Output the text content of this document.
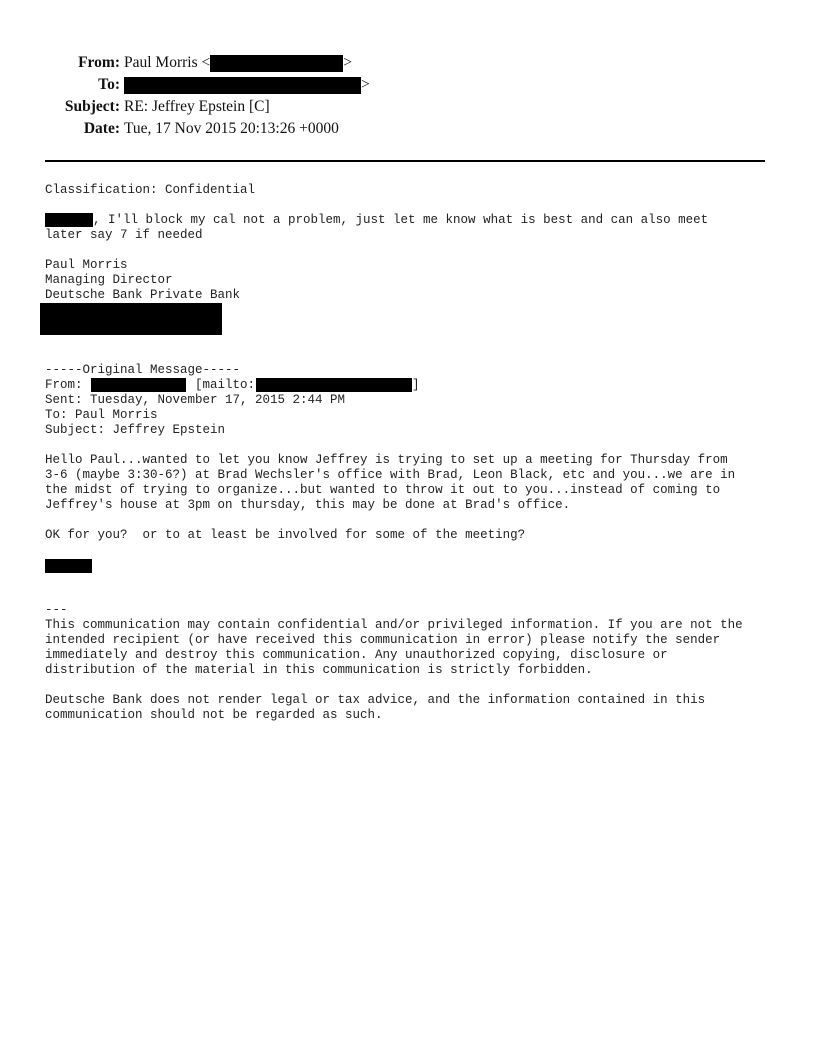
From: Paul Morris <	>
To:	>
Subject: RE: Jeffrey Epstein [C]
Date: Tue, 17 Nov 2015 20:13:26 +0000
Classification: Confidential
, I'll block my cal not a problem, just let me know what is best and can also meet
later say 7 if needed
Paul Morris
Managing Director
Deutsche Bank Private Bank
-----Original Message-----
From:	[mailto:	]
Sent: Tuesday, November 17, 2015 2:44 PM
To: Paul Morris
Subject: Jeffrey Epstein
Hello Paul...wanted to let you know Jeffrey is trying to set up a meeting for Thursday from
3-6 (maybe 3:30-6?) at Brad Wechsler's office with Brad, Leon Black, etc and you...we are in
the midst of trying to organize...but wanted to throw it out to you...instead of coming to
Jeffrey's house at 3pm on thursday, this may be done at Brad's office.
OK for you?  or to at least be involved for some of the meeting?
---
This communication may contain confidential and/or privileged information. If you are not the
intended recipient (or have received this communication in error) please notify the sender
immediately and destroy this communication. Any unauthorized copying, disclosure or
distribution of the material in this communication is strictly forbidden.
Deutsche Bank does not render legal or tax advice, and the information contained in this
communication should not be regarded as such.
